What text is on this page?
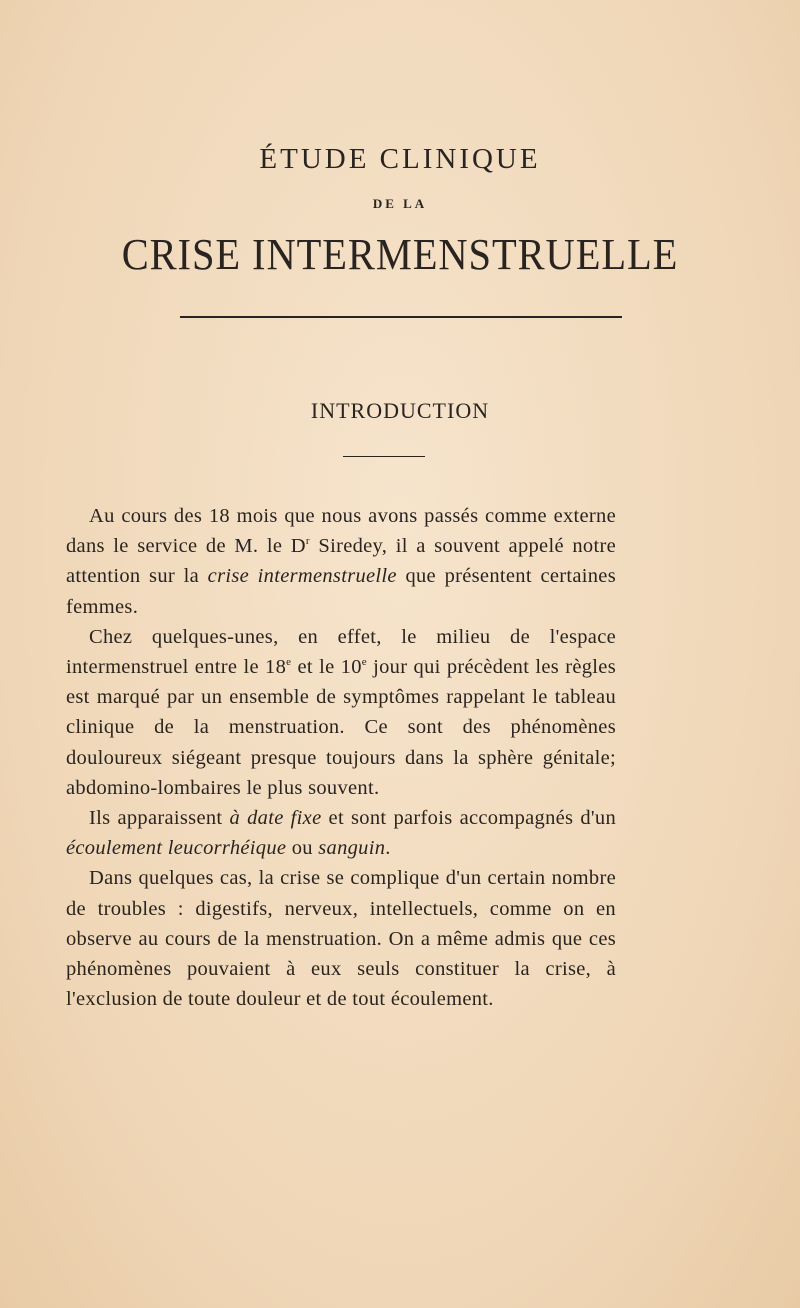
ÉTUDE CLINIQUE
DE LA
CRISE INTERMENSTRUELLE
INTRODUCTION

Au cours des 18 mois que nous avons passés comme externe dans le service de M. le $D^r$ Siredey, il a souvent appelé notre attention sur la crise intermenstruelle que présentent certaines femmes.

Chez quelques-unes, en effet, le milieu de l'espace intermenstruel entre le 18e et le 10e jour qui précèdent les règles est marqué par un ensemble de symptômes rappelant le tableau clinique de la menstruation. Ce sont des phénomènes douloureux siégeant presque toujours dans la sphère génitale; abdomino-lombaires le plus souvent.

Ils apparaissent à date fixe et sont parfois accompagnés d'un écoulement leucorrhéique ou sanguin.

Dans quelques cas, la crise se complique d'un certain nombre de troubles : digestifs, nerveux, intellectuels, comme on en observe au cours de la menstruation. On a même admis que ces phénomènes pouvaient à eux seuls constituer la crise, à l'exclusion de toute douleur et de tout écoulement.
